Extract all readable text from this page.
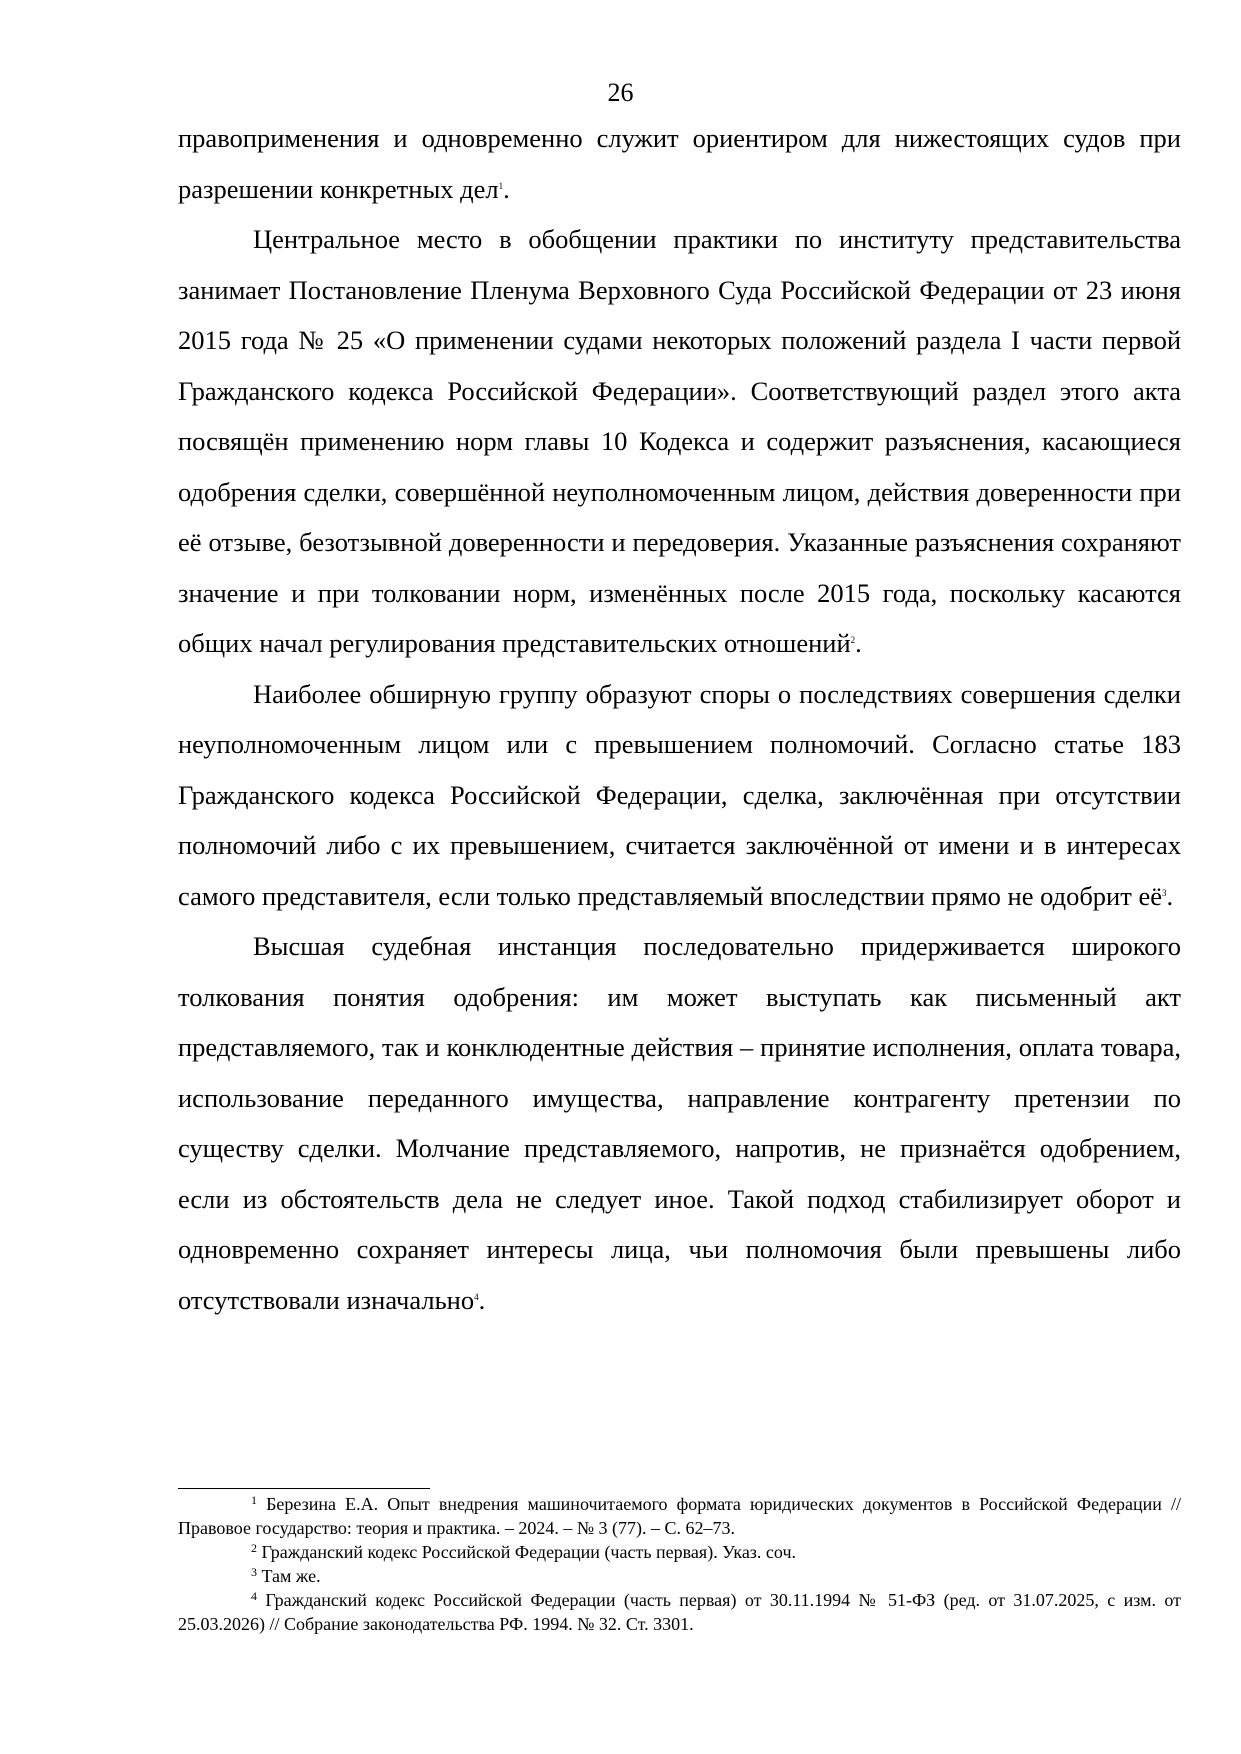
26

правоприменения и одновременно служит ориентиром для нижестоящих судов при разрешении конкретных дел$^1$.

Центральное место в обобщении практики по институту представительства занимает Постановление Пленума Верховного Суда Российской Федерации от 23 июня 2015 года № 25 «О применении судами некоторых положений раздела I части первой Гражданского кодекса Российской Федерации». Соответствующий раздел этого акта посвящён применению норм главы 10 Кодекса и содержит разъяснения, касающиеся одобрения сделки, совершённой неуполномоченным лицом, действия доверенности при её отзыве, безотзывной доверенности и передоверия. Указанные разъяснения сохраняют значение и при толковании норм, изменённых после 2015 года, поскольку касаются общих начал регулирования представительских отношений$^2$.

Наиболее обширную группу образуют споры о последствиях совершения сделки неуполномоченным лицом или с превышением полномочий. Согласно статье 183 Гражданского кодекса Российской Федерации, сделка, заключённая при отсутствии полномочий либо с их превышением, считается заключённой от имени и в интересах самого представителя, если только представляемый впоследствии прямо не одобрит $её^3$.

Высшая судебная инстанция последовательно придерживается широкого толкования понятия одобрения: им может выступать как письменный акт представляемого, так и конклюдентные действия – принятие исполнения, оплата товара, использование переданного имущества, направление контрагенту претензии по существу сделки. Молчание представляемого, напротив, не признаётся одобрением, если из обстоятельств дела не следует иное. Такой подход стабилизирует оборот и одновременно сохраняет интересы лица, чьи полномочия были превышены либо отсутствовали изначально$^4$.

$^1$ Березина Е.А. Опыт внедрения машиночитаемого формата юридических документов в Российской Федерации // Правовое государство: теория и практика. – 2024. – № 3 (77). – С. 62–73.

$^2$ Гражданский кодекс Российской Федерации (часть первая). Указ. соч.

$^3$ Там же.

$^4$ Гражданский кодекс Российской Федерации (часть первая) от 30.11.1994 № 51-ФЗ (ред. от 31.07.2025, с изм. от 25.03.2026) // Собрание законодательства РФ. 1994. № 32. Ст. 3301.
